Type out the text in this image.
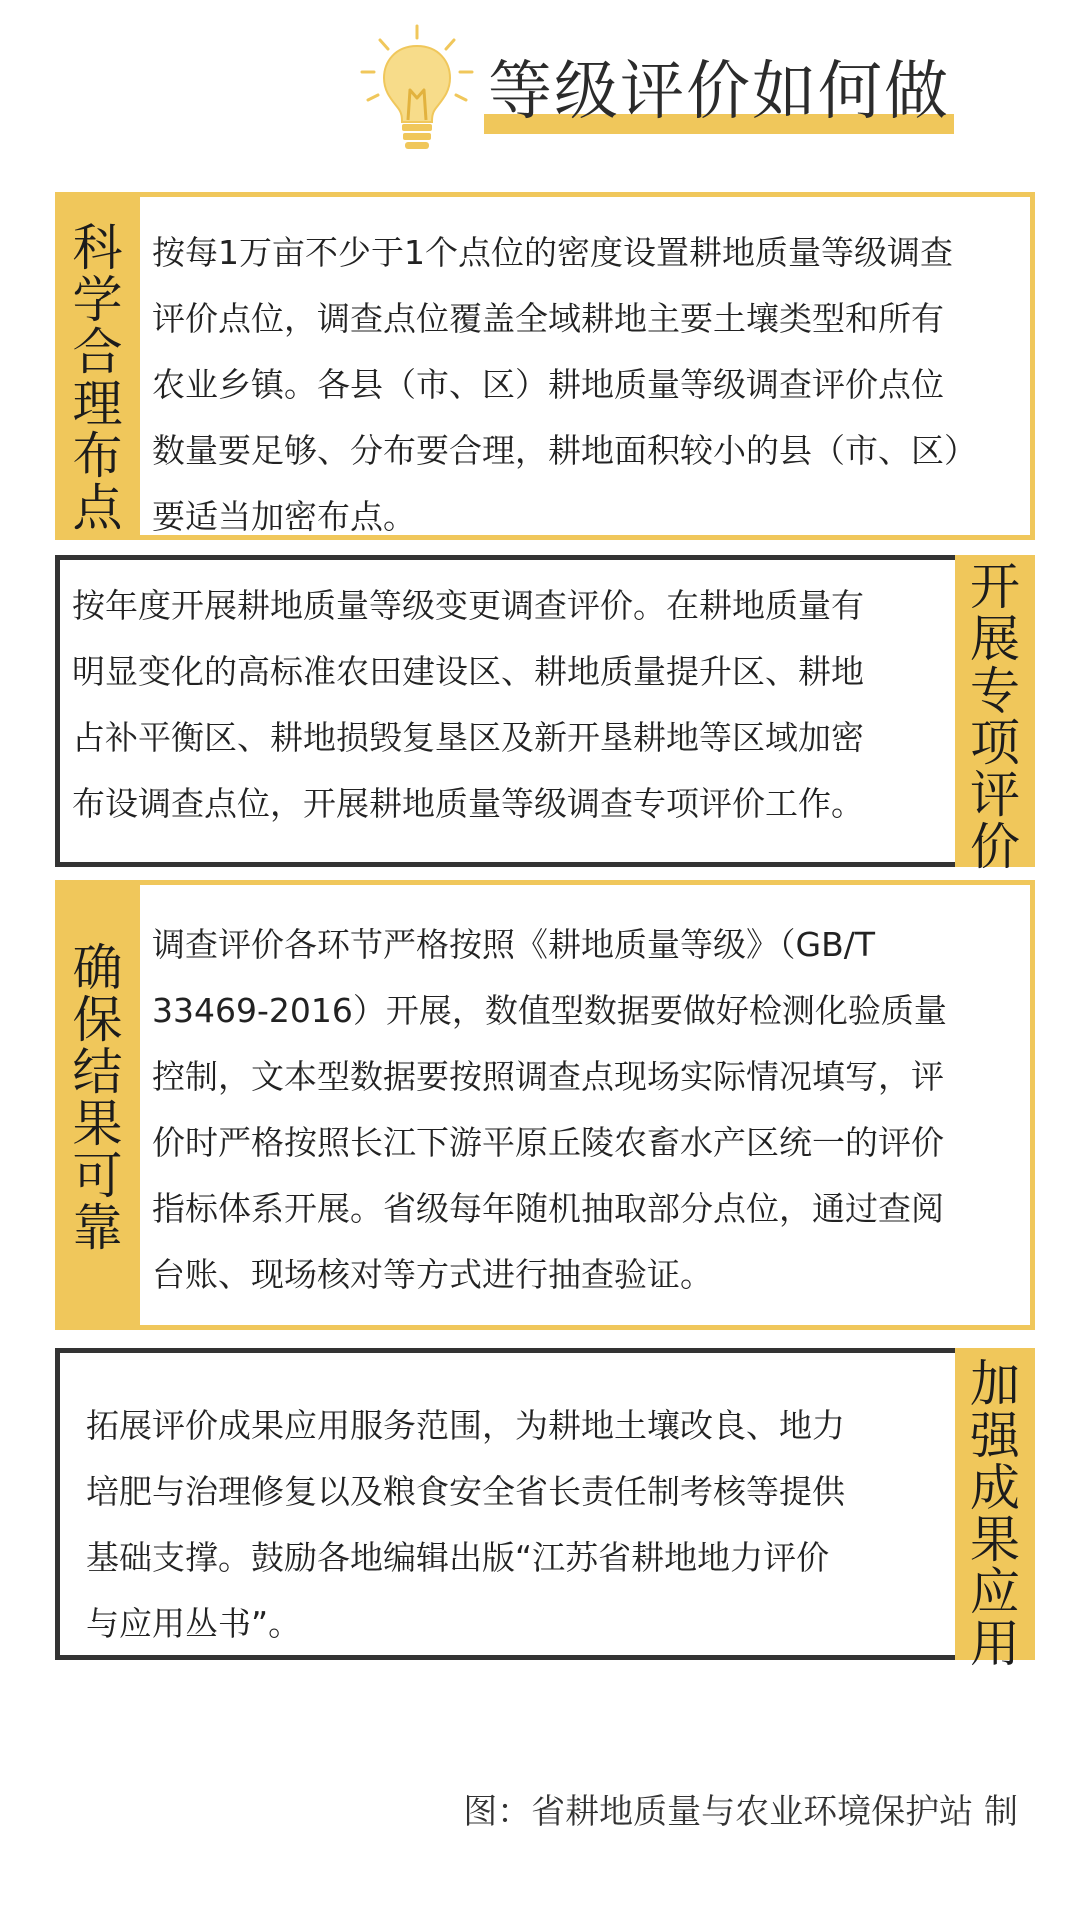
等级评价如何做
科
学
合
理
布
点
按每1万亩不少于1个点位的密度设置耕地质量等级调查
评价点位，调查点位覆盖全域耕地主要土壤类型和所有
农业乡镇。各县（市、区）耕地质量等级调查评价点位
数量要足够、分布要合理，耕地面积较小的县（市、区）
要适当加密布点。
开
展
专
项
评
价
按年度开展耕地质量等级变更调查评价。在耕地质量有
明显变化的高标准农田建设区、耕地质量提升区、耕地
占补平衡区、耕地损毁复垦区及新开垦耕地等区域加密
布设调查点位，开展耕地质量等级调查专项评价工作。
确
保
结
果
可
靠
调查评价各环节严格按照《耕地质量等级》（GB/T
33469-2016）开展，数值型数据要做好检测化验质量
控制，文本型数据要按照调查点现场实际情况填写，评
价时严格按照长江下游平原丘陵农畜水产区统一的评价
指标体系开展。省级每年随机抽取部分点位，通过查阅
台账、现场核对等方式进行抽查验证。
加
强
成
果
应
用
拓展评价成果应用服务范围，为耕地土壤改良、地力
培肥与治理修复以及粮食安全省长责任制考核等提供
基础支撑。鼓励各地编辑出版“江苏省耕地地力评价
与应用丛书”。
图：省耕地质量与农业环境保护站 制
